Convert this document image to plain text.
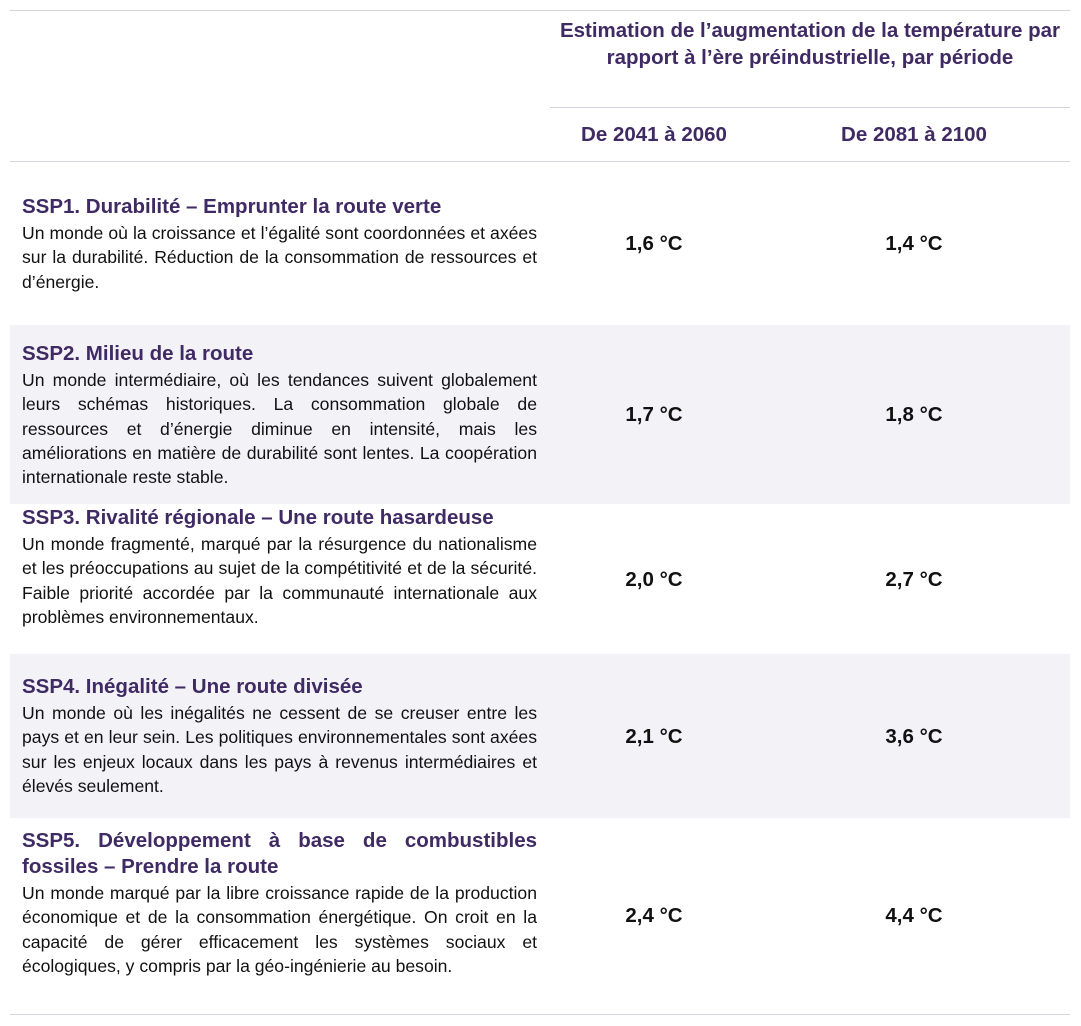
Estimation de l’augmentation de la température par rapport à l’ère préindustrielle, par période
De 2041 à 2060	De 2081 à 2100
SSP1. Durabilité – Emprunter la route verte
Un monde où la croissance et l’égalité sont coordonnées et axées sur la durabilité. Réduction de la consommation de ressources et d’énergie.
1,6 °C	1,4 °C
SSP2. Milieu de la route
Un monde intermédiaire, où les tendances suivent globalement leurs schémas historiques. La consommation globale de ressources et d’énergie diminue en intensité, mais les améliorations en matière de durabilité sont lentes. La coopération internationale reste stable.
1,7 °C	1,8 °C
SSP3. Rivalité régionale – Une route hasardeuse
Un monde fragmenté, marqué par la résurgence du nationalisme et les préoccupations au sujet de la compétitivité et de la sécurité. Faible priorité accordée par la communauté internationale aux problèmes environnementaux.
2,0 °C	2,7 °C
SSP4. Inégalité – Une route divisée
Un monde où les inégalités ne cessent de se creuser entre les pays et en leur sein. Les politiques environnementales sont axées sur les enjeux locaux dans les pays à revenus intermédiaires et élevés seulement.
2,1 °C	3,6 °C
SSP5. Développement à base de combustibles fossiles – Prendre la route
Un monde marqué par la libre croissance rapide de la production économique et de la consommation énergétique. On croit en la capacité de gérer efficacement les systèmes sociaux et écologiques, y compris par la géo-ingénierie au besoin.
2,4 °C	4,4 °C
